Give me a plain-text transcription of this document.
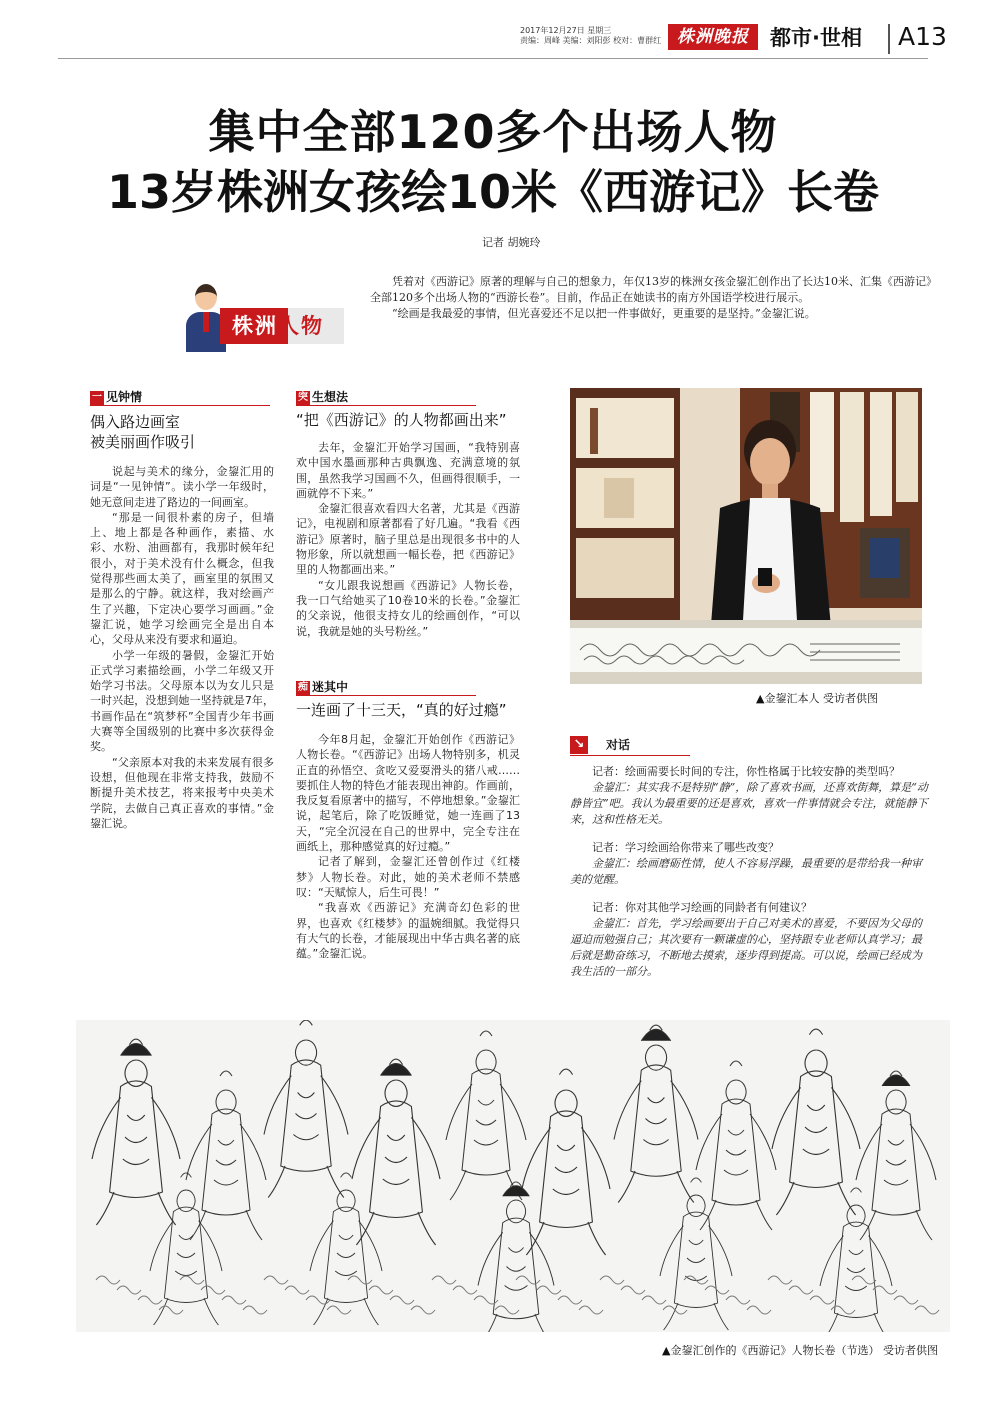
2017年12月27日 星期三
责编：周峰 美编：刘阳彭 校对：曹群红 株洲晚报	都市·世相 A13
集中全部120多个出场人物
13岁株洲女孩绘10米《西游记》长卷
记者 胡婉玲
株洲人物

凭着对《西游记》原著的理解与自己的想象力，年仅13岁的株洲女孩金鋆汇创作出了长达10米、汇集《西游记》全部120多个出场人物的“西游长卷”。目前，作品正在她读书的南方外国语学校进行展示。

“绘画是我最爱的事情，但光喜爱还不足以把一件事做好，更重要的是坚持。”金鋆汇说。

一 见钟情
偶入路边画室
被美丽画作吸引

说起与美术的缘分，金鋆汇用的词是“一见钟情”。读小学一年级时，她无意间走进了路边的一间画室。

“那是一间很朴素的房子，但墙上、地上都是各种画作，素描、水彩、水粉、油画都有，我那时候年纪很小，对于美术没有什么概念，但我觉得那些画太美了，画室里的氛围又是那么的宁静。就这样，我对绘画产生了兴趣，下定决心要学习画画。”金鋆汇说，她学习绘画完全是出自本心，父母从来没有要求和逼迫。

小学一年级的暑假，金鋆汇开始正式学习素描绘画，小学二年级又开始学习书法。父母原本以为女儿只是一时兴起，没想到她一坚持就是7年，书画作品在“筑梦杯”全国青少年书画大赛等全国级别的比赛中多次获得金奖。

“父亲原本对我的未来发展有很多设想，但他现在非常支持我，鼓励不断提升美术技艺，将来报考中央美术学院，去做自己真正喜欢的事情。”金鋆汇说。

突 生想法
“把《西游记》的人物都画出来”

去年，金鋆汇开始学习国画，“我特别喜欢中国水墨画那种古典飘逸、充满意境的氛围，虽然我学习国画不久，但画得很顺手，一画就停不下来。”

金鋆汇很喜欢看四大名著，尤其是《西游记》，电视剧和原著都看了好几遍。“我看《西游记》原著时，脑子里总是出现很多书中的人物形象，所以就想画一幅长卷，把《西游记》里的人物都画出来。”

“女儿跟我说想画《西游记》人物长卷，我一口气给她买了10卷10米的长卷。”金鋆汇的父亲说，他很支持女儿的绘画创作，“可以说，我就是她的头号粉丝。”

痴 迷其中
一连画了十三天，“真的好过瘾”

今年8月起，金鋆汇开始创作《西游记》人物长卷。“《西游记》出场人物特别多，机灵正直的孙悟空、贪吃又爱耍滑头的猪八戒……要抓住人物的特色才能表现出神韵。作画前，我反复看原著中的描写，不停地想象。”金鋆汇说，起笔后，除了吃饭睡觉，她一连画了13天，“完全沉浸在自己的世界中，完全专注在画纸上，那种感觉真的好过瘾。”

记者了解到，金鋆汇还曾创作过《红楼梦》人物长卷。对此，她的美术老师不禁感叹：“天赋惊人，后生可畏！”

“我喜欢《西游记》充满奇幻色彩的世界，也喜欢《红楼梦》的温婉细腻。我觉得只有大气的长卷，才能展现出中华古典名著的底蕴。”金鋆汇说。

▲金鋆汇本人 受访者供图
↘ 对话

记者：绘画需要长时间的专注，你性格属于比较安静的类型吗？

金鋆汇：其实我不是特别“静”，除了喜欢书画，还喜欢街舞，算是“动静皆宜”吧。我认为最重要的还是喜欢，喜欢一件事情就会专注，就能静下来，这和性格无关。

记者：学习绘画给你带来了哪些改变？

金鋆汇：绘画磨砺性情，使人不容易浮躁，最重要的是带给我一种审美的觉醒。

记者：你对其他学习绘画的同龄者有何建议？

金鋆汇：首先，学习绘画要出于自己对美术的喜爱，不要因为父母的逼迫而勉强自己；其次要有一颗谦虚的心，坚持跟专业老师认真学习；最后就是勤奋练习，不断地去摸索，逐步得到提高。可以说，绘画已经成为我生活的一部分。

▲金鋆汇创作的《西游记》人物长卷（节选） 受访者供图
